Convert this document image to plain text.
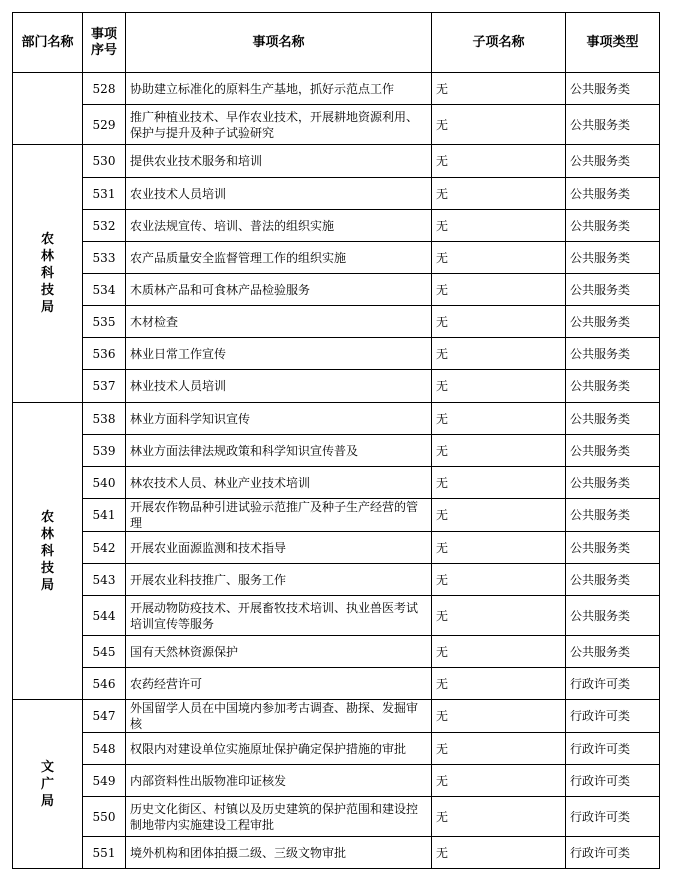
部门名称	事项序号	事项名称	子项名称	事项类型
	528	协助建立标准化的原料生产基地，抓好示范点工作	无	公共服务类
	529	推广种植业技术、早作农业技术，开展耕地资源利用、保护与提升及种子试验研究	无	公共服务类
农林科技局	530	提供农业技术服务和培训	无	公共服务类
	531	农业技术人员培训	无	公共服务类
	532	农业法规宣传、培训、普法的组织实施	无	公共服务类
	533	农产品质量安全监督管理工作的组织实施	无	公共服务类
	534	木质林产品和可食林产品检验服务	无	公共服务类
	535	木材检查	无	公共服务类
	536	林业日常工作宣传	无	公共服务类
	537	林业技术人员培训	无	公共服务类
农林科技局	538	林业方面科学知识宣传	无	公共服务类
	539	林业方面法律法规政策和科学知识宣传普及	无	公共服务类
	540	林农技术人员、林业产业技术培训	无	公共服务类
	541	开展农作物品种引进试验示范推广及种子生产经营的管理	无	公共服务类
	542	开展农业面源监测和技术指导	无	公共服务类
	543	开展农业科技推广、服务工作	无	公共服务类
	544	开展动物防疫技术、开展畜牧技术培训、执业兽医考试培训宣传等服务	无	公共服务类
	545	国有天然林资源保护	无	公共服务类
	546	农药经营许可	无	行政许可类
文广局	547	外国留学人员在中国境内参加考古调查、勘探、发掘审核	无	行政许可类
	548	权限内对建设单位实施原址保护确定保护措施的审批	无	行政许可类
	549	内部资料性出版物准印证核发	无	行政许可类
	550	历史文化街区、村镇以及历史建筑的保护范围和建设控制地带内实施建设工程审批	无	行政许可类
	551	境外机构和团体拍摄二级、三级文物审批	无	行政许可类
